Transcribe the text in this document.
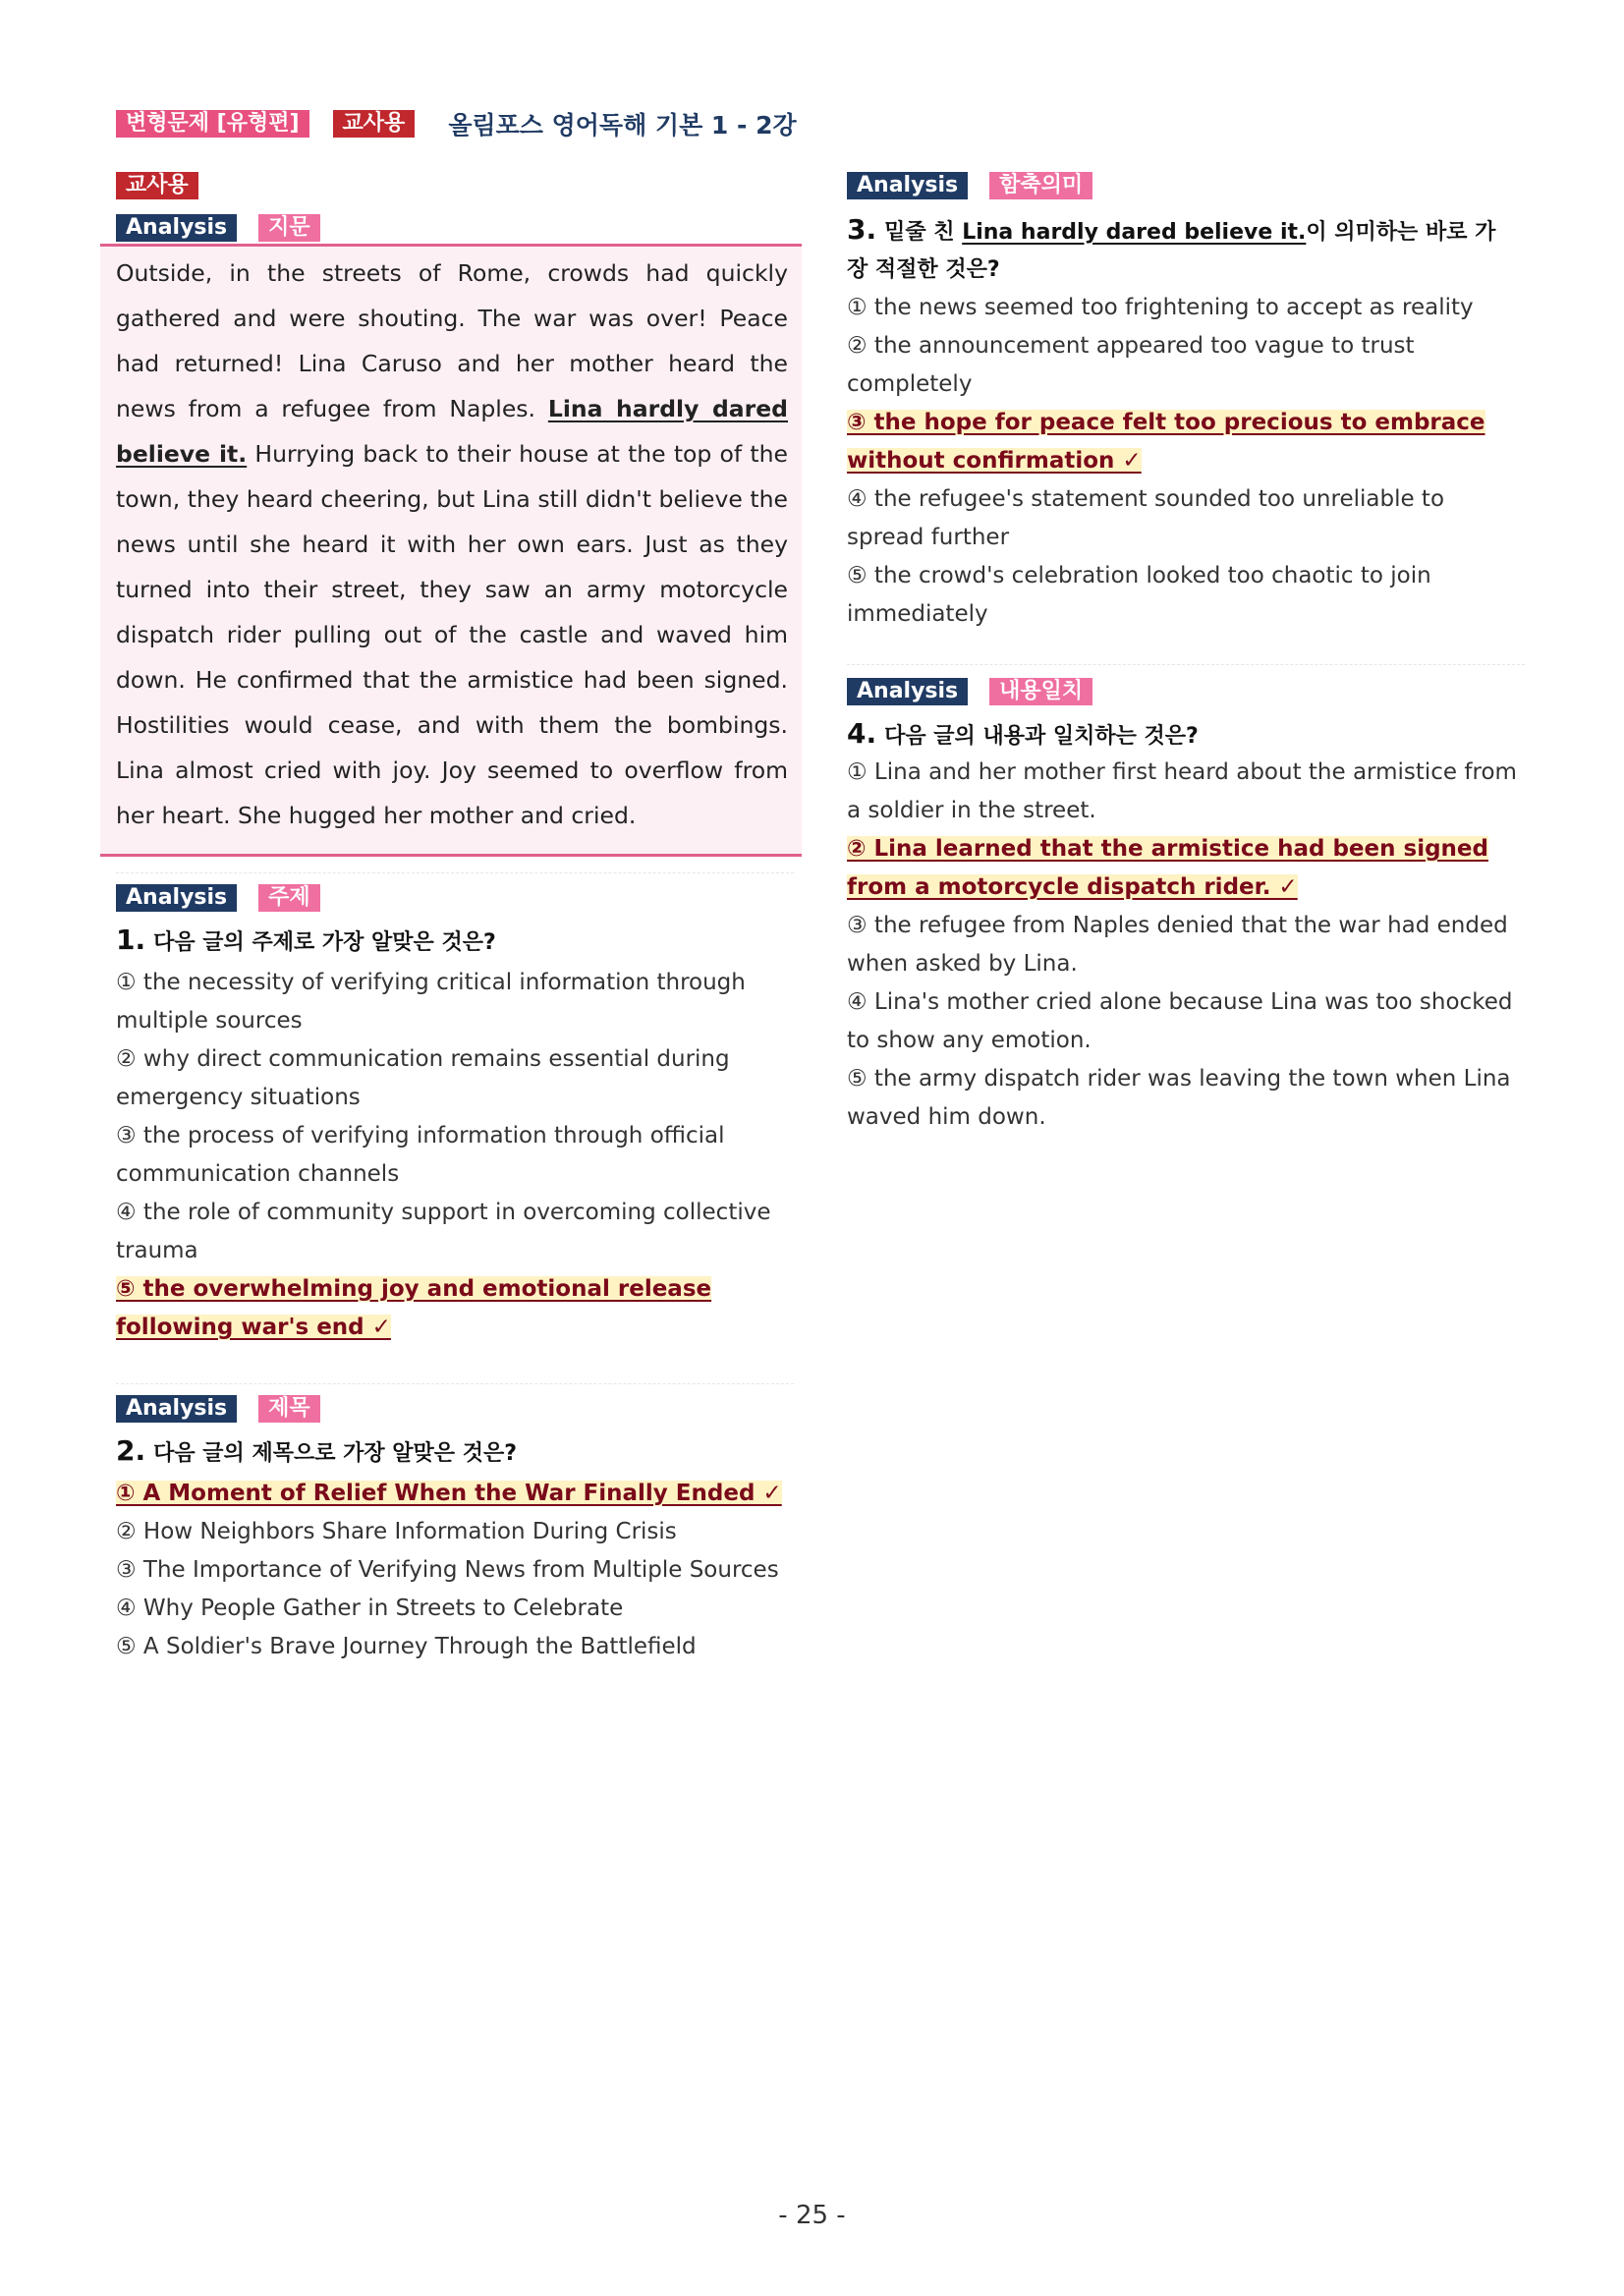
변형문제 [유형편]	교사용	올림포스 영어독해 기본 1 - 2강
교사용
Analysis	지문
Outside, in the streets of Rome, crowds had quickly gathered and were shouting. The war was over! Peace had returned! Lina Caruso and her mother heard the news from a refugee from Naples. Lina hardly dared believe it. Hurrying back to their house at the top of the town, they heard cheering, but Lina still didn't believe the news until she heard it with her own ears. Just as they turned into their street, they saw an army motorcycle dispatch rider pulling out of the castle and waved him down. He confirmed that the armistice had been signed. Hostilities would cease, and with them the bombings. Lina almost cried with joy. Joy seemed to overflow from her heart. She hugged her mother and cried.
Analysis	주제
1. 다음 글의 주제로 가장 알맞은 것은?
① the necessity of verifying critical information through multiple sources
② why direct communication remains essential during emergency situations
③ the process of verifying information through official communication channels
④ the role of community support in overcoming collective trauma
⑤ the overwhelming joy and emotional release following war's end ✓
Analysis	제목
2. 다음 글의 제목으로 가장 알맞은 것은?
① A Moment of Relief When the War Finally Ended ✓
② How Neighbors Share Information During Crisis
③ The Importance of Verifying News from Multiple Sources
④ Why People Gather in Streets to Celebrate
⑤ A Soldier's Brave Journey Through the Battlefield
Analysis	함축의미
3. 밑줄 친 Lina hardly dared believe it.이 의미하는 바로 가장 적절한 것은?
① the news seemed too frightening to accept as reality
② the announcement appeared too vague to trust completely
③ the hope for peace felt too precious to embrace without confirmation ✓
④ the refugee's statement sounded too unreliable to spread further
⑤ the crowd's celebration looked too chaotic to join immediately
Analysis	내용일치
4. 다음 글의 내용과 일치하는 것은?
① Lina and her mother first heard about the armistice from a soldier in the street.
② Lina learned that the armistice had been signed from a motorcycle dispatch rider. ✓
③ the refugee from Naples denied that the war had ended when asked by Lina.
④ Lina's mother cried alone because Lina was too shocked to show any emotion.
⑤ the army dispatch rider was leaving the town when Lina waved him down.
- 25 -
